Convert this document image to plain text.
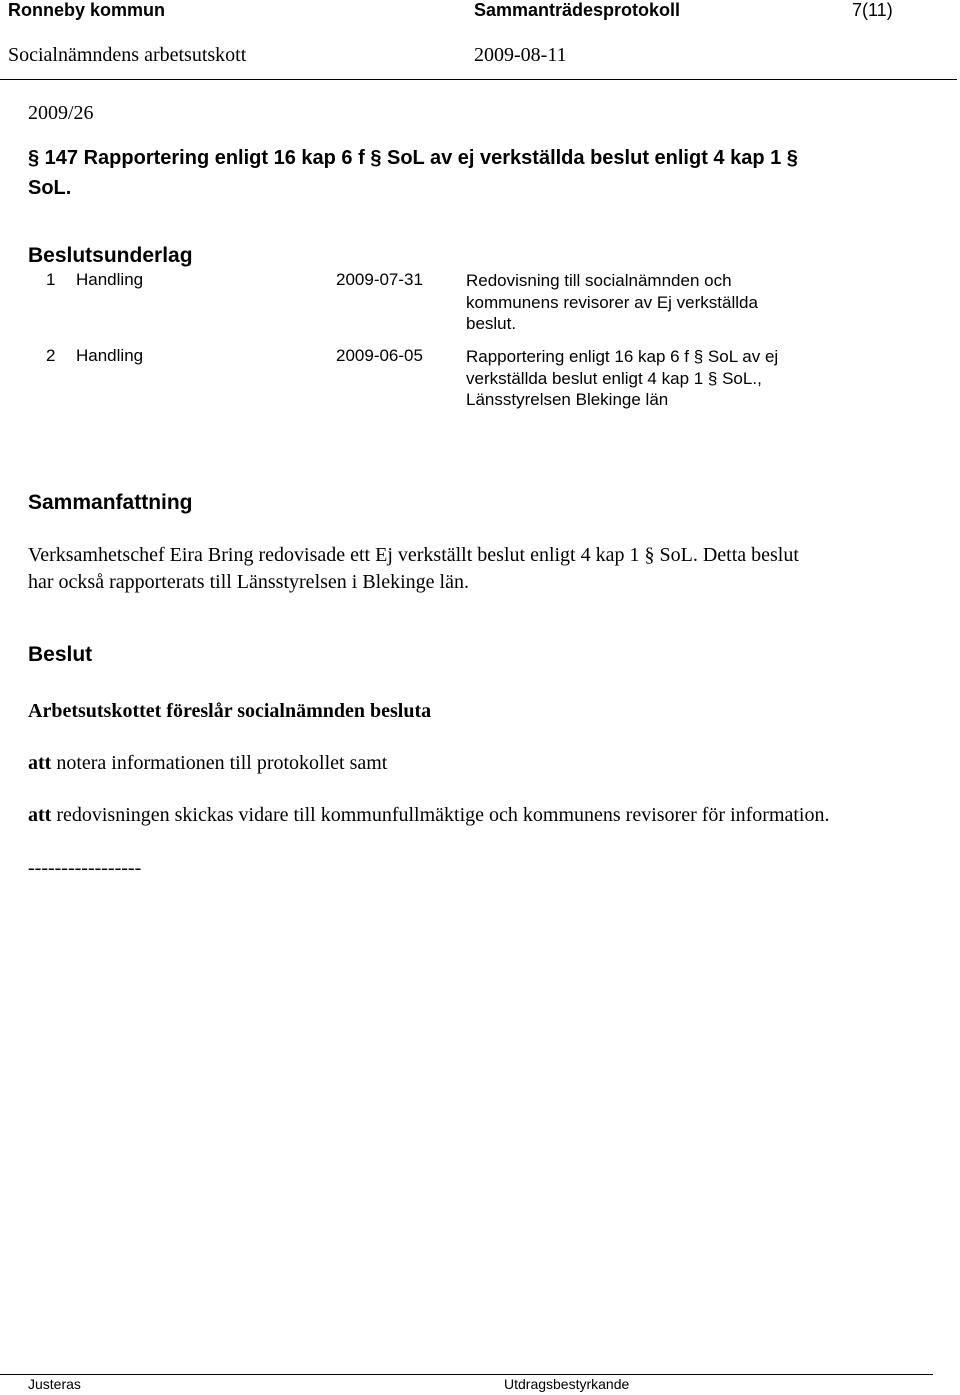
Ronneby kommun	Sammanträdesprotokoll	7(11)
Socialnämndens arbetsutskott	2009-08-11
2009/26
§ 147 Rapportering enligt 16 kap 6 f § SoL av ej verkställda beslut enligt 4 kap 1 §
SoL.
Beslutsunderlag
1 Handling	2009-07-31	Redovisning till socialnämnden och
kommunens revisorer av Ej verkställda
beslut.
2 Handling	2009-06-05	Rapportering enligt 16 kap 6 f § SoL av ej
verkställda beslut enligt 4 kap 1 § SoL.,
Länsstyrelsen Blekinge län
Sammanfattning
Verksamhetschef Eira Bring redovisade ett Ej verkställt beslut enligt 4 kap 1 § SoL. Detta beslut
har också rapporterats till Länsstyrelsen i Blekinge län.
Beslut
Arbetsutskottet föreslår socialnämnden besluta
att notera informationen till protokollet samt
att redovisningen skickas vidare till kommunfullmäktige och kommunens revisorer för information.
-----------------
Justeras	Utdragsbestyrkande
